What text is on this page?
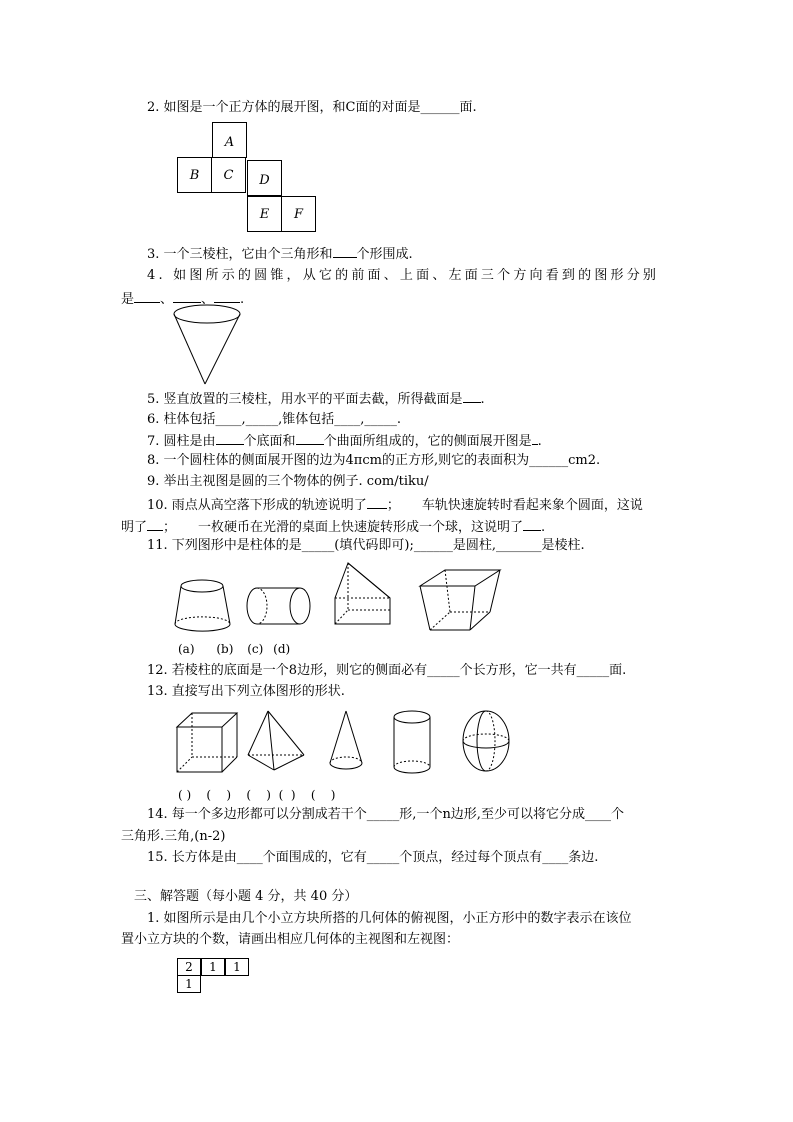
2. 如图是一个正方体的展开图，和C面的对面是______面.
A
B	C	D
E	F
3. 一个三棱柱，它由个三角形和 个形围成.
4. 如图所示的圆锥，从它的前面、上面、左面三个方向看到的图形分别
是 、 、 .
5. 竖直放置的三棱柱，用水平的平面去截，所得截面是 .
6. 柱体包括____,_____,锥体包括____,_____.
7. 圆柱是由 个底面和 个曲面所组成的，它的侧面展开图是 .
8. 一个圆柱体的侧面展开图的边为4πcm的正方形,则它的表面积为______cm2.
9. 举出主视图是圆的三个物体的例子. com/tiku/
10. 雨点从高空落下形成的轨迹说明了 ； 车轨快速旋转时看起来象个圆面，这说
明了 ； 一枚硬币在光滑的桌面上快速旋转形成一个球，这说明了 .
11. 下列图形中是柱体的是_____(填代码即可);______是圆柱,_______是棱柱.
(a) (b) (c) (d)
12. 若棱柱的底面是一个8边形，则它的侧面必有_____个长方形，它一共有_____面.
13. 直接写出下列立体图形的形状.
( )    (    )    (    )  (  )    (    )
14. 每一个多边形都可以分割成若干个_____形,一个n边形,至少可以将它分成____个
三角形.三角,(n-2)
15. 长方体是由____个面围成的，它有_____个顶点，经过每个顶点有____条边.
三、解答题（每小题 4 分，共 40 分）
1. 如图所示是由几个小立方块所搭的几何体的俯视图，小正方形中的数字表示在该位
置小立方块的个数，请画出相应几何体的主视图和左视图：
2	1	1
1
